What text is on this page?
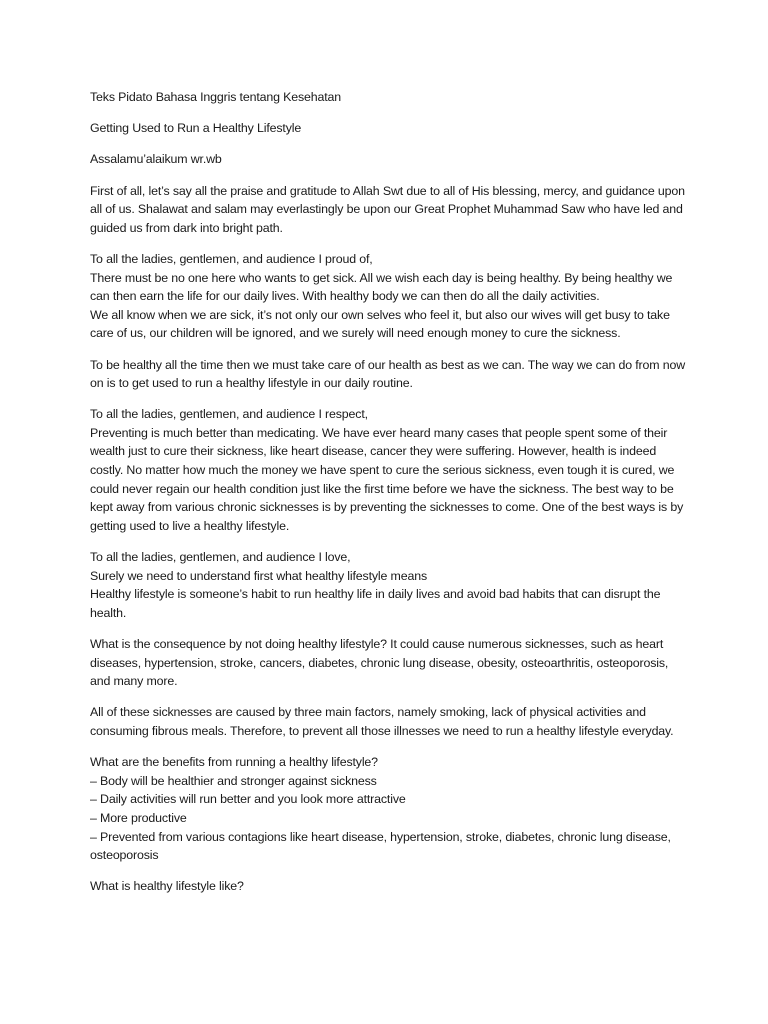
Teks Pidato Bahasa Inggris tentang Kesehatan

Getting Used to Run a Healthy Lifestyle

Assalamu’alaikum wr.wb

First of all, let’s say all the praise and gratitude to Allah Swt due to all of His blessing, mercy, and guidance upon all of us. Shalawat and salam may everlastingly be upon our Great Prophet Muhammad Saw who have led and guided us from dark into bright path.

To all the ladies, gentlemen, and audience I proud of,
There must be no one here who wants to get sick. All we wish each day is being healthy. By being healthy we can then earn the life for our daily lives. With healthy body we can then do all the daily activities.
We all know when we are sick, it’s not only our own selves who feel it, but also our wives will get busy to take care of us, our children will be ignored, and we surely will need enough money to cure the sickness.

To be healthy all the time then we must take care of our health as best as we can. The way we can do from now on is to get used to run a healthy lifestyle in our daily routine.

To all the ladies, gentlemen, and audience I respect,
Preventing is much better than medicating. We have ever heard many cases that people spent some of their wealth just to cure their sickness, like heart disease, cancer they were suffering. However, health is indeed costly. No matter how much the money we have spent to cure the serious sickness, even tough it is cured, we could never regain our health condition just like the first time before we have the sickness. The best way to be kept away from various chronic sicknesses is by preventing the sicknesses to come. One of the best ways is by getting used to live a healthy lifestyle.

To all the ladies, gentlemen, and audience I love,
Surely we need to understand first what healthy lifestyle means
Healthy lifestyle is someone’s habit to run healthy life in daily lives and avoid bad habits that can disrupt the health.

What is the consequence by not doing healthy lifestyle? It could cause numerous sicknesses, such as heart diseases, hypertension, stroke, cancers, diabetes, chronic lung disease, obesity, osteoarthritis, osteoporosis, and many more.

All of these sicknesses are caused by three main factors, namely smoking, lack of physical activities and consuming fibrous meals. Therefore, to prevent all those illnesses we need to run a healthy lifestyle everyday.

What are the benefits from running a healthy lifestyle?
– Body will be healthier and stronger against sickness
– Daily activities will run better and you look more attractive
– More productive
– Prevented from various contagions like heart disease, hypertension, stroke, diabetes, chronic lung disease, osteoporosis

What is healthy lifestyle like?
